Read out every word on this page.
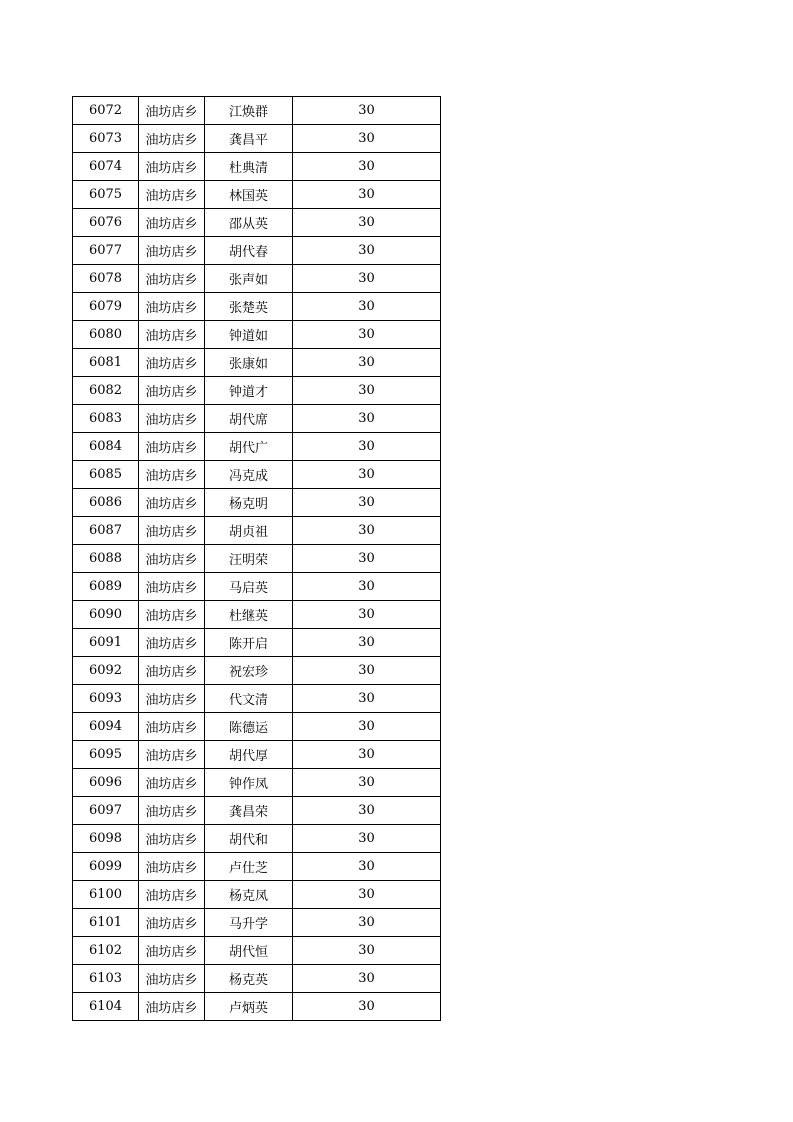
6072	油坊店乡	江焕群	30
6073	油坊店乡	龚昌平	30
6074	油坊店乡	杜典清	30
6075	油坊店乡	林国英	30
6076	油坊店乡	邵从英	30
6077	油坊店乡	胡代春	30
6078	油坊店乡	张声如	30
6079	油坊店乡	张楚英	30
6080	油坊店乡	钟道如	30
6081	油坊店乡	张康如	30
6082	油坊店乡	钟道才	30
6083	油坊店乡	胡代席	30
6084	油坊店乡	胡代广	30
6085	油坊店乡	冯克成	30
6086	油坊店乡	杨克明	30
6087	油坊店乡	胡贞祖	30
6088	油坊店乡	汪明荣	30
6089	油坊店乡	马启英	30
6090	油坊店乡	杜继英	30
6091	油坊店乡	陈开启	30
6092	油坊店乡	祝宏珍	30
6093	油坊店乡	代文清	30
6094	油坊店乡	陈德运	30
6095	油坊店乡	胡代厚	30
6096	油坊店乡	钟作凤	30
6097	油坊店乡	龚昌荣	30
6098	油坊店乡	胡代和	30
6099	油坊店乡	卢仕芝	30
6100	油坊店乡	杨克凤	30
6101	油坊店乡	马升学	30
6102	油坊店乡	胡代恒	30
6103	油坊店乡	杨克英	30
6104	油坊店乡	卢炳英	30
